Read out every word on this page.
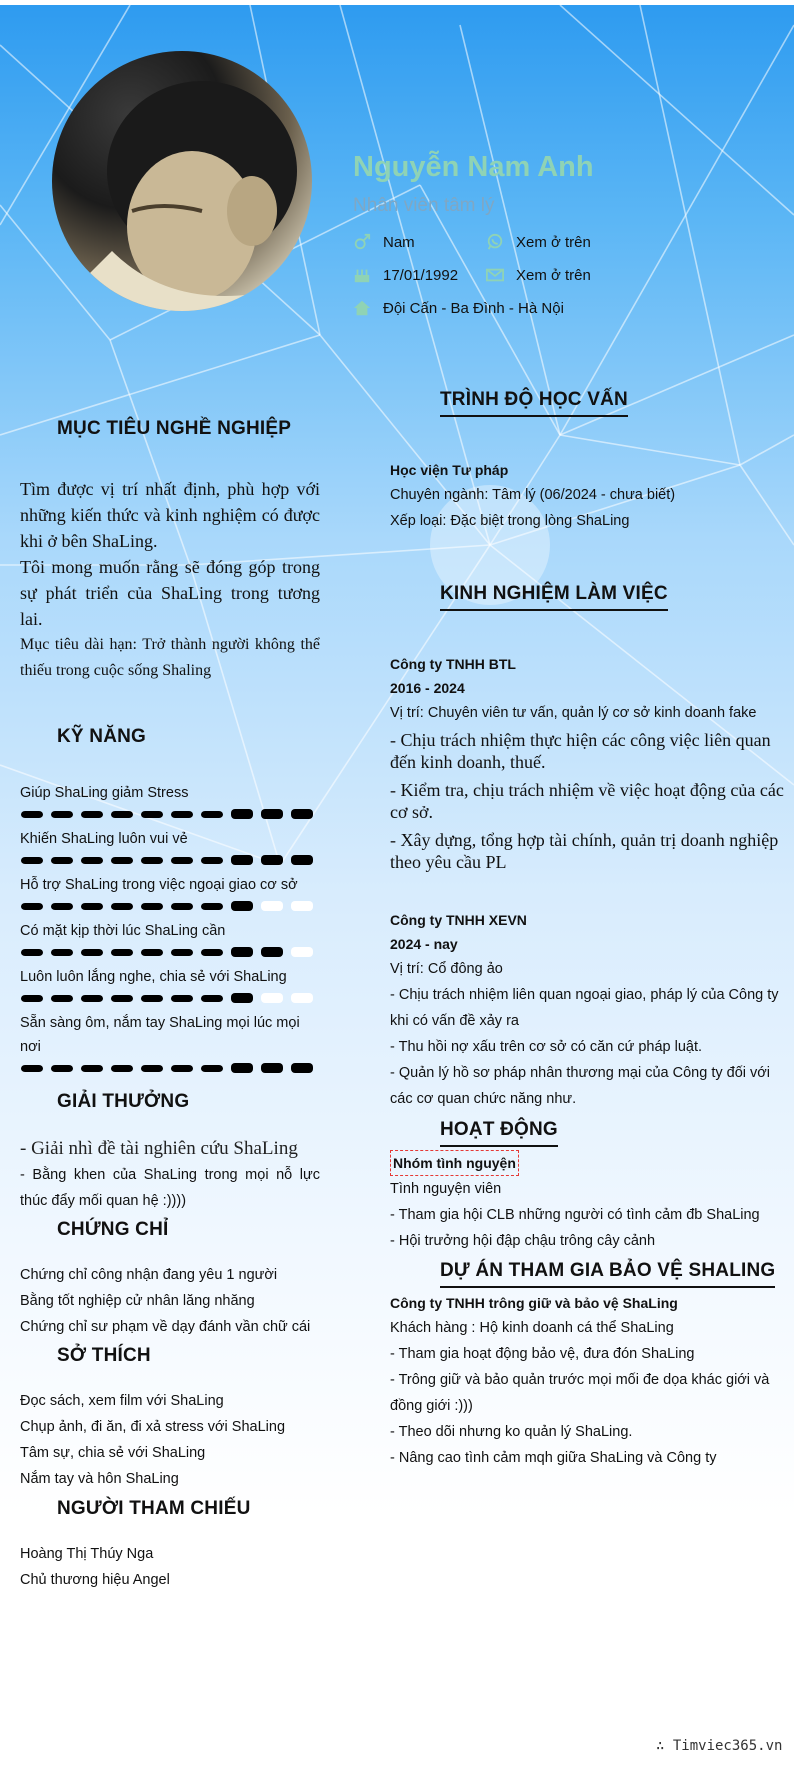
Nguyễn Nam Anh
Nhân viên tâm lý
Nam	Xem ở trên
17/01/1992	Xem ở trên
Đội Cấn - Ba Đình - Hà Nội
MỤC TIÊU NGHỀ NGHIỆP

Tìm được vị trí nhất định, phù hợp với những kiến thức và kinh nghiệm có được khi ở bên ShaLing.

Tôi mong muốn rằng sẽ đóng góp trong sự phát triển của ShaLing trong tương lai.

Mục tiêu dài hạn: Trở thành người không thể thiếu trong cuộc sống Shaling

KỸ NĂNG
Giúp ShaLing giảm Stress
Khiến ShaLing luôn vui vẻ
Hỗ trợ ShaLing trong việc ngoại giao cơ sở
Có mặt kịp thời lúc ShaLing cần
Luôn luôn lắng nghe, chia sẻ với ShaLing
Sẵn sàng ôm, nắm tay ShaLing mọi lúc mọi nơi
GIẢI THƯỞNG

- Giải nhì đề tài nghiên cứu ShaLing

- Bằng khen của ShaLing trong mọi nỗ lực thúc đẩy mối quan hệ :))))

CHỨNG CHỈ
Chứng chỉ công nhận đang yêu 1 người
Bằng tốt nghiệp cử nhân lăng nhăng
Chứng chỉ sư phạm về dạy đánh vần chữ cái
SỞ THÍCH
Đọc sách, xem film với ShaLing
Chụp ảnh, đi ăn, đi xả stress với ShaLing
Tâm sự, chia sẻ với ShaLing
Nắm tay và hôn ShaLing
NGƯỜI THAM CHIẾU
Hoàng Thị Thúy Nga
Chủ thương hiệu Angel
TRÌNH ĐỘ HỌC VẤN
Học viện Tư pháp
Chuyên ngành: Tâm lý (06/2024 - chưa biết)
Xếp loại: Đặc biệt trong lòng ShaLing
KINH NGHIỆM LÀM VIỆC
Công ty TNHH BTL
2016 - 2024
Vị trí: Chuyên viên tư vấn, quản lý cơ sở kinh doanh fake
- Chịu trách nhiệm thực hiện các công việc liên quan đến kinh doanh, thuế.
- Kiểm tra, chịu trách nhiệm về việc hoạt động của các cơ sở.
- Xây dựng, tổng hợp tài chính, quản trị doanh nghiệp theo yêu cầu PL
Công ty TNHH XEVN
2024 - nay
Vị trí: Cổ đông ảo
- Chịu trách nhiệm liên quan ngoại giao, pháp lý của Công ty khi có vấn đề xảy ra
- Thu hồi nợ xấu trên cơ sở có căn cứ pháp luật.
- Quản lý hồ sơ pháp nhân thương mại của Công ty đối với các cơ quan chức năng như.
HOẠT ĐỘNG
Nhóm tình nguyện
Tình nguyện viên
- Tham gia hội CLB những người có tình cảm đb ShaLing
- Hội trưởng hội đập chậu trông cây cảnh
DỰ ÁN THAM GIA BẢO VỆ SHALING
Công ty TNHH trông giữ và bảo vệ ShaLing
Khách hàng : Hộ kinh doanh cá thể ShaLing
- Tham gia hoạt động bảo vệ, đưa đón ShaLing
- Trông giữ và bảo quản trước mọi mối đe dọa khác giới và đồng giới :)))
- Theo dõi nhưng ko quản lý ShaLing.
- Nâng cao tình cảm mqh giữa ShaLing và Công ty
∴ Timviec365.vn
